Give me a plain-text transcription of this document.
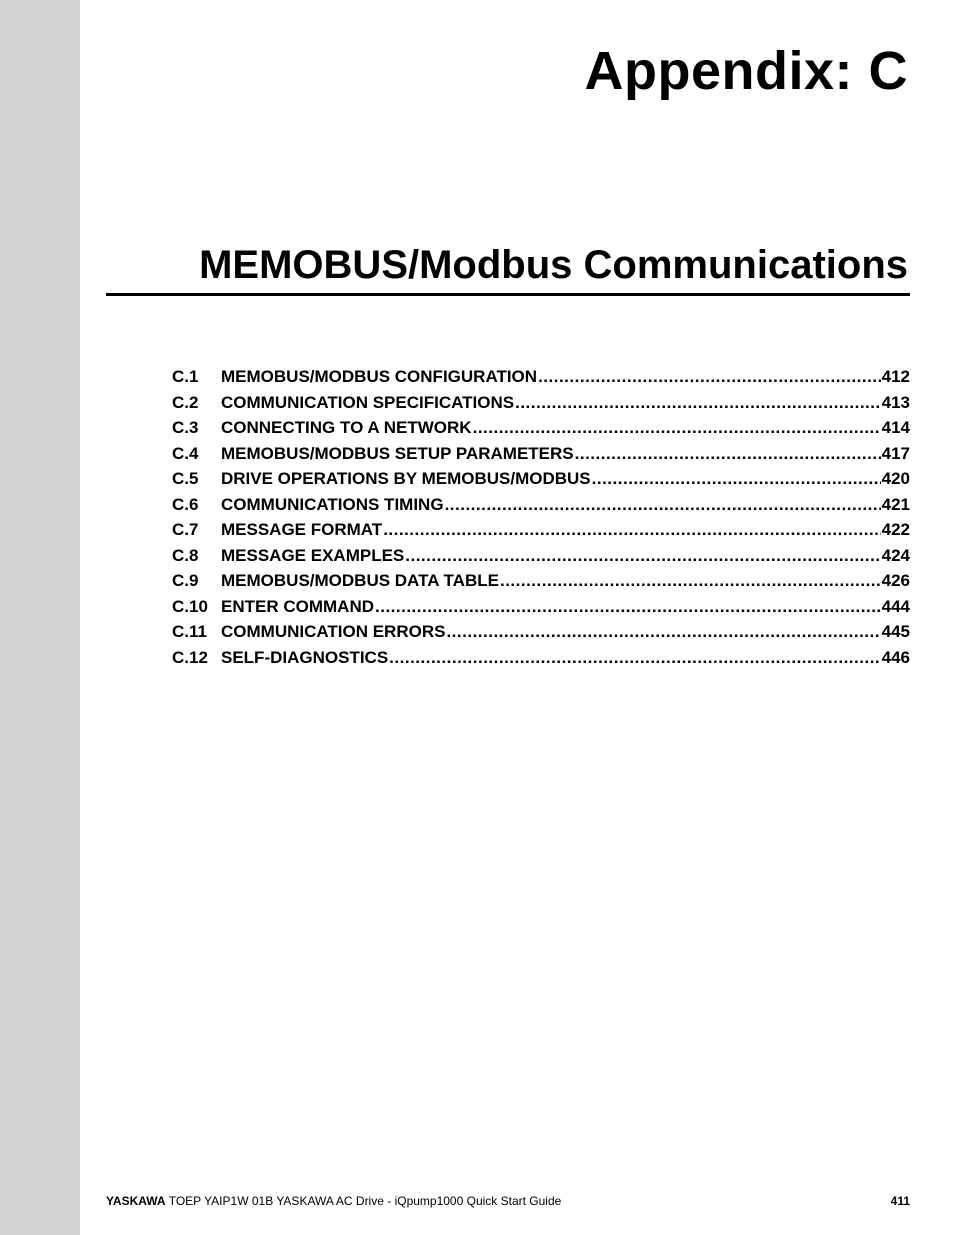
Appendix: C
MEMOBUS/Modbus Communications
C.1	MEMOBUS/MODBUS CONFIGURATION .....	412
C.2	COMMUNICATION SPECIFICATIONS .....	413
C.3	CONNECTING TO A NETWORK .....	414
C.4	MEMOBUS/MODBUS SETUP PARAMETERS .....	417
C.5	DRIVE OPERATIONS BY MEMOBUS/MODBUS .....	420
C.6	COMMUNICATIONS TIMING .....	421
C.7	MESSAGE FORMAT .....	422
C.8	MESSAGE EXAMPLES .....	424
C.9	MEMOBUS/MODBUS DATA TABLE .....	426
C.10 ENTER COMMAND .....	444
C.11 COMMUNICATION ERRORS .....	445
C.12 SELF-DIAGNOSTICS .....	446
YASKAWA TOEP YAIP1W 01B YASKAWA AC Drive - iQpump1000 Quick Start Guide	411
